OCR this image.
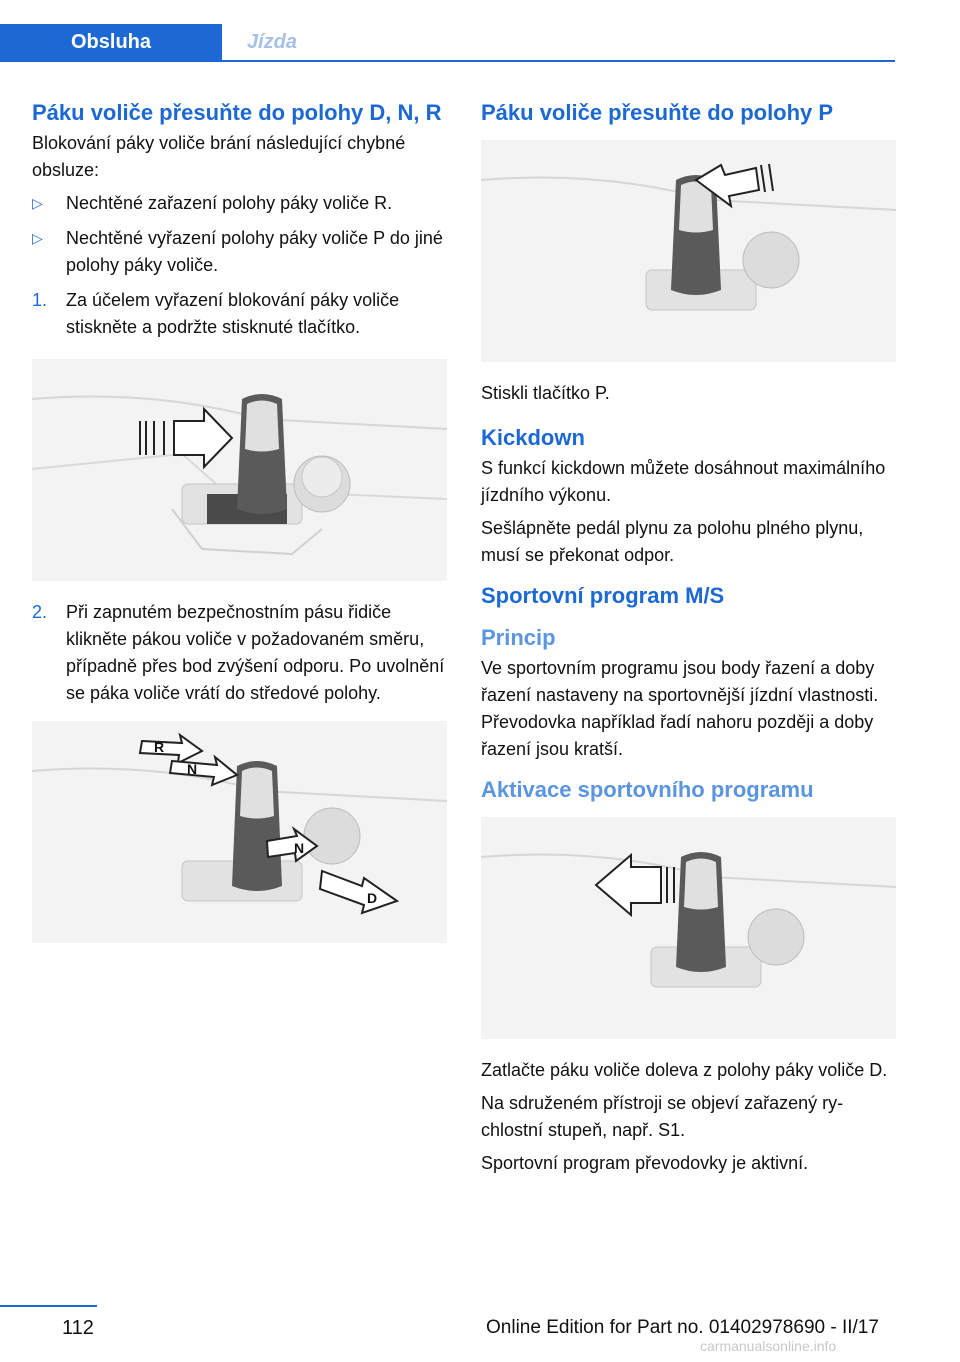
Obsluha	Jízda
Páku voliče přesuňte do polohy D, N, R

Blokování páky voliče brání následující chybné obsluze:

▷ Nechtěné zařazení polohy páky voliče R.
▷ Nechtěné vyřazení polohy páky voliče P do jiné polohy páky voliče.
1. Za účelem vyřazení blokování páky voliče stiskněte a podržte stisknuté tlačítko.
2. Při zapnutém bezpečnostním pásu řidiče klikněte pákou voliče v požadovaném směru, případně přes bod zvýšení odporu. Po uvolnění se páka voliče vrátí do středové polohy.
R
N
N
D
Páku voliče přesuňte do polohy P

Stiskli tlačítko P.

Kickdown

S funkcí kickdown můžete dosáhnout maximálního jízdního výkonu.

Sešlápněte pedál plynu za polohu plného plynu, musí se překonat odpor.

Sportovní program M/S
Princip

Ve sportovním programu jsou body řazení a doby řazení nastaveny na sportovnější jízdní vlastnosti. Převodovka například řadí nahoru později a doby řazení jsou kratší.

Aktivace sportovního programu

Zatlačte páku voliče doleva z polohy páky voliče D.

Na sdruženém přístroji se objeví zařazený rychlostní stupeň, např. S1.

Sportovní program převodovky je aktivní.

112	Online Edition for Part no. 01402978690 - II/17
carmanualsonline.info
